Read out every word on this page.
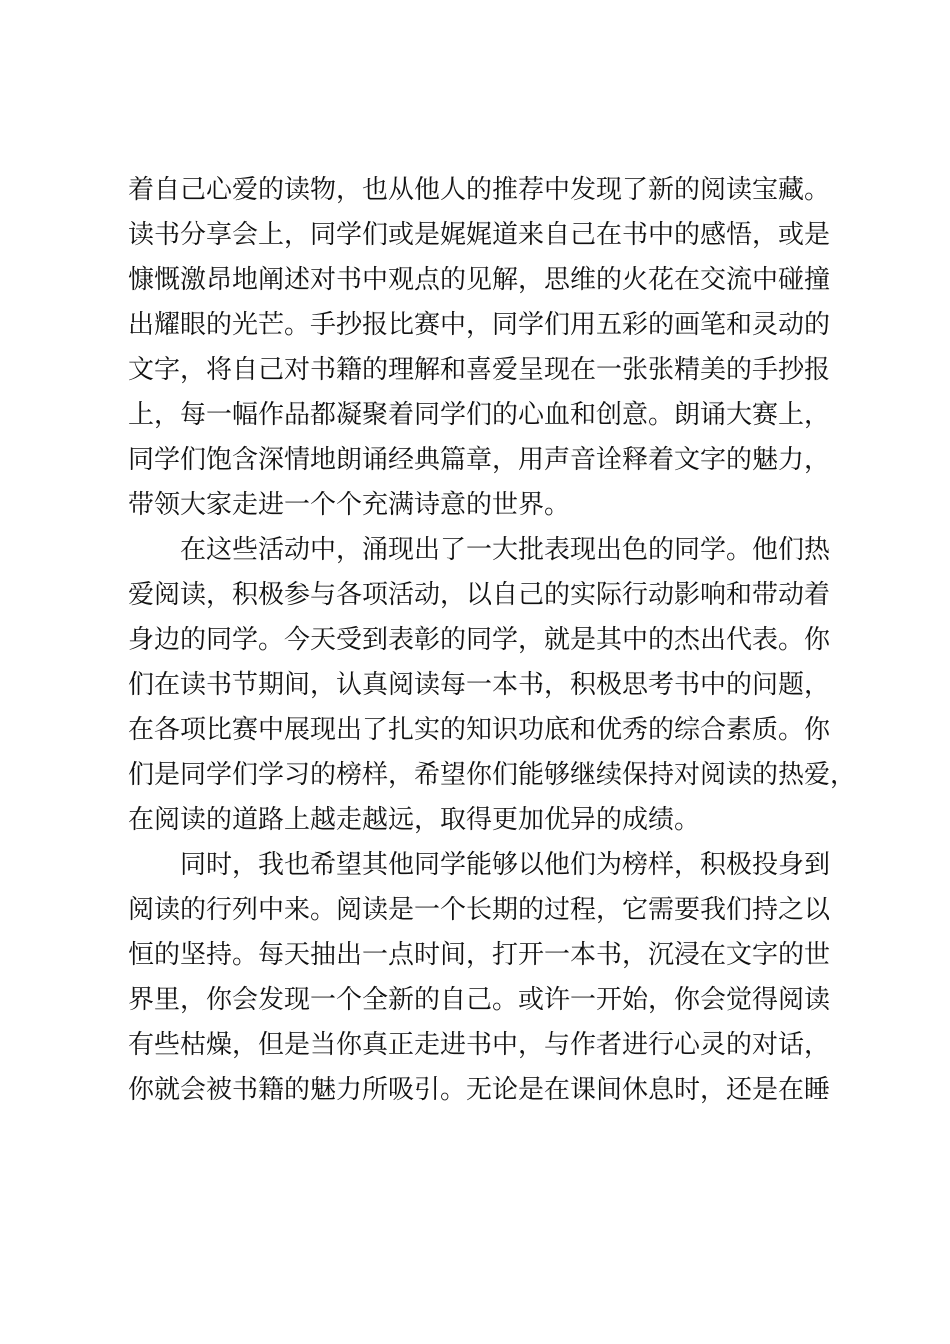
着自己心爱的读物，也从他人的推荐中发现了新的阅读宝藏。
读书分享会上，同学们或是娓娓道来自己在书中的感悟，或是
慷慨激昂地阐述对书中观点的见解，思维的火花在交流中碰撞
出耀眼的光芒。手抄报比赛中，同学们用五彩的画笔和灵动的
文字，将自己对书籍的理解和喜爱呈现在一张张精美的手抄报
上，每一幅作品都凝聚着同学们的心血和创意。朗诵大赛上，
同学们饱含深情地朗诵经典篇章，用声音诠释着文字的魅力，
带领大家走进一个个充满诗意的世界。
在这些活动中，涌现出了一大批表现出色的同学。他们热
爱阅读，积极参与各项活动，以自己的实际行动影响和带动着
身边的同学。今天受到表彰的同学，就是其中的杰出代表。你
们在读书节期间，认真阅读每一本书，积极思考书中的问题，
在各项比赛中展现出了扎实的知识功底和优秀的综合素质。你
们是同学们学习的榜样，希望你们能够继续保持对阅读的热爱，
在阅读的道路上越走越远，取得更加优异的成绩。
同时，我也希望其他同学能够以他们为榜样，积极投身到
阅读的行列中来。阅读是一个长期的过程，它需要我们持之以
恒的坚持。每天抽出一点时间，打开一本书，沉浸在文字的世
界里，你会发现一个全新的自己。或许一开始，你会觉得阅读
有些枯燥，但是当你真正走进书中，与作者进行心灵的对话，
你就会被书籍的魅力所吸引。无论是在课间休息时，还是在睡
